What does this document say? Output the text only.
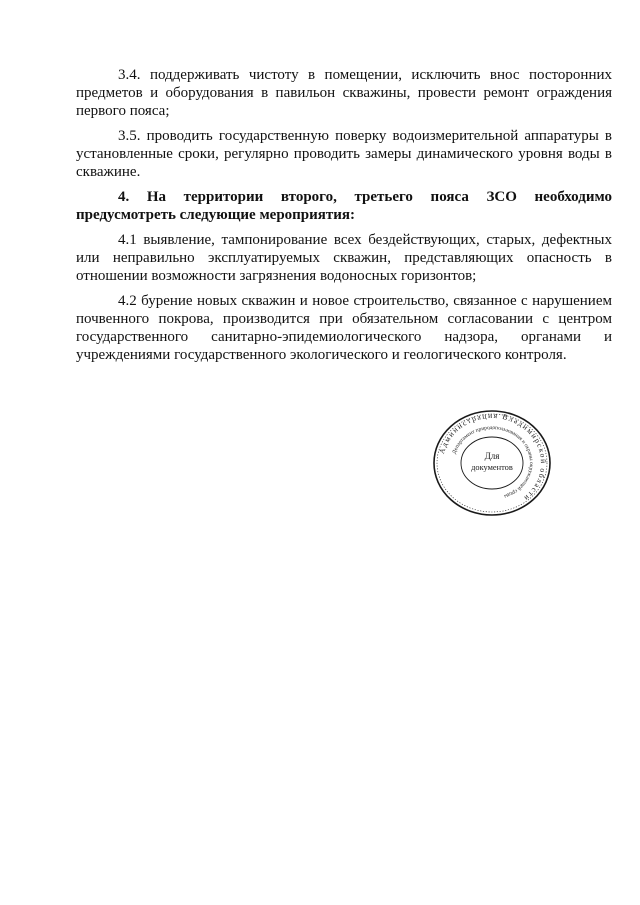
3.4. поддерживать чистоту в помещении, исключить внос посторонних предметов и оборудования в павильон скважины, провести ремонт ограждения первого пояса;

3.5. проводить государственную поверку водоизмерительной аппаратуры в установленные сроки, регулярно проводить замеры динамического уровня воды в скважине.

4. На территории второго, третьего пояса ЗСО необходимо предусмотреть следующие мероприятия:

4.1 выявление, тампонирование всех бездействующих, старых, дефектных или неправильно эксплуатируемых скважин, представляющих опасность в отношении возможности загрязнения водоносных горизонтов;

4.2 бурение новых скважин и новое строительство, связанное с нарушением почвенного покрова, производится при обязательном согласовании с центром государственного санитарно-эпидемиологического надзора, органами и учреждениями государственного экологического и геологического контроля.

Администрация Владимирской области
Департамент природопользования и охраны окружающей среды
Для
документов
